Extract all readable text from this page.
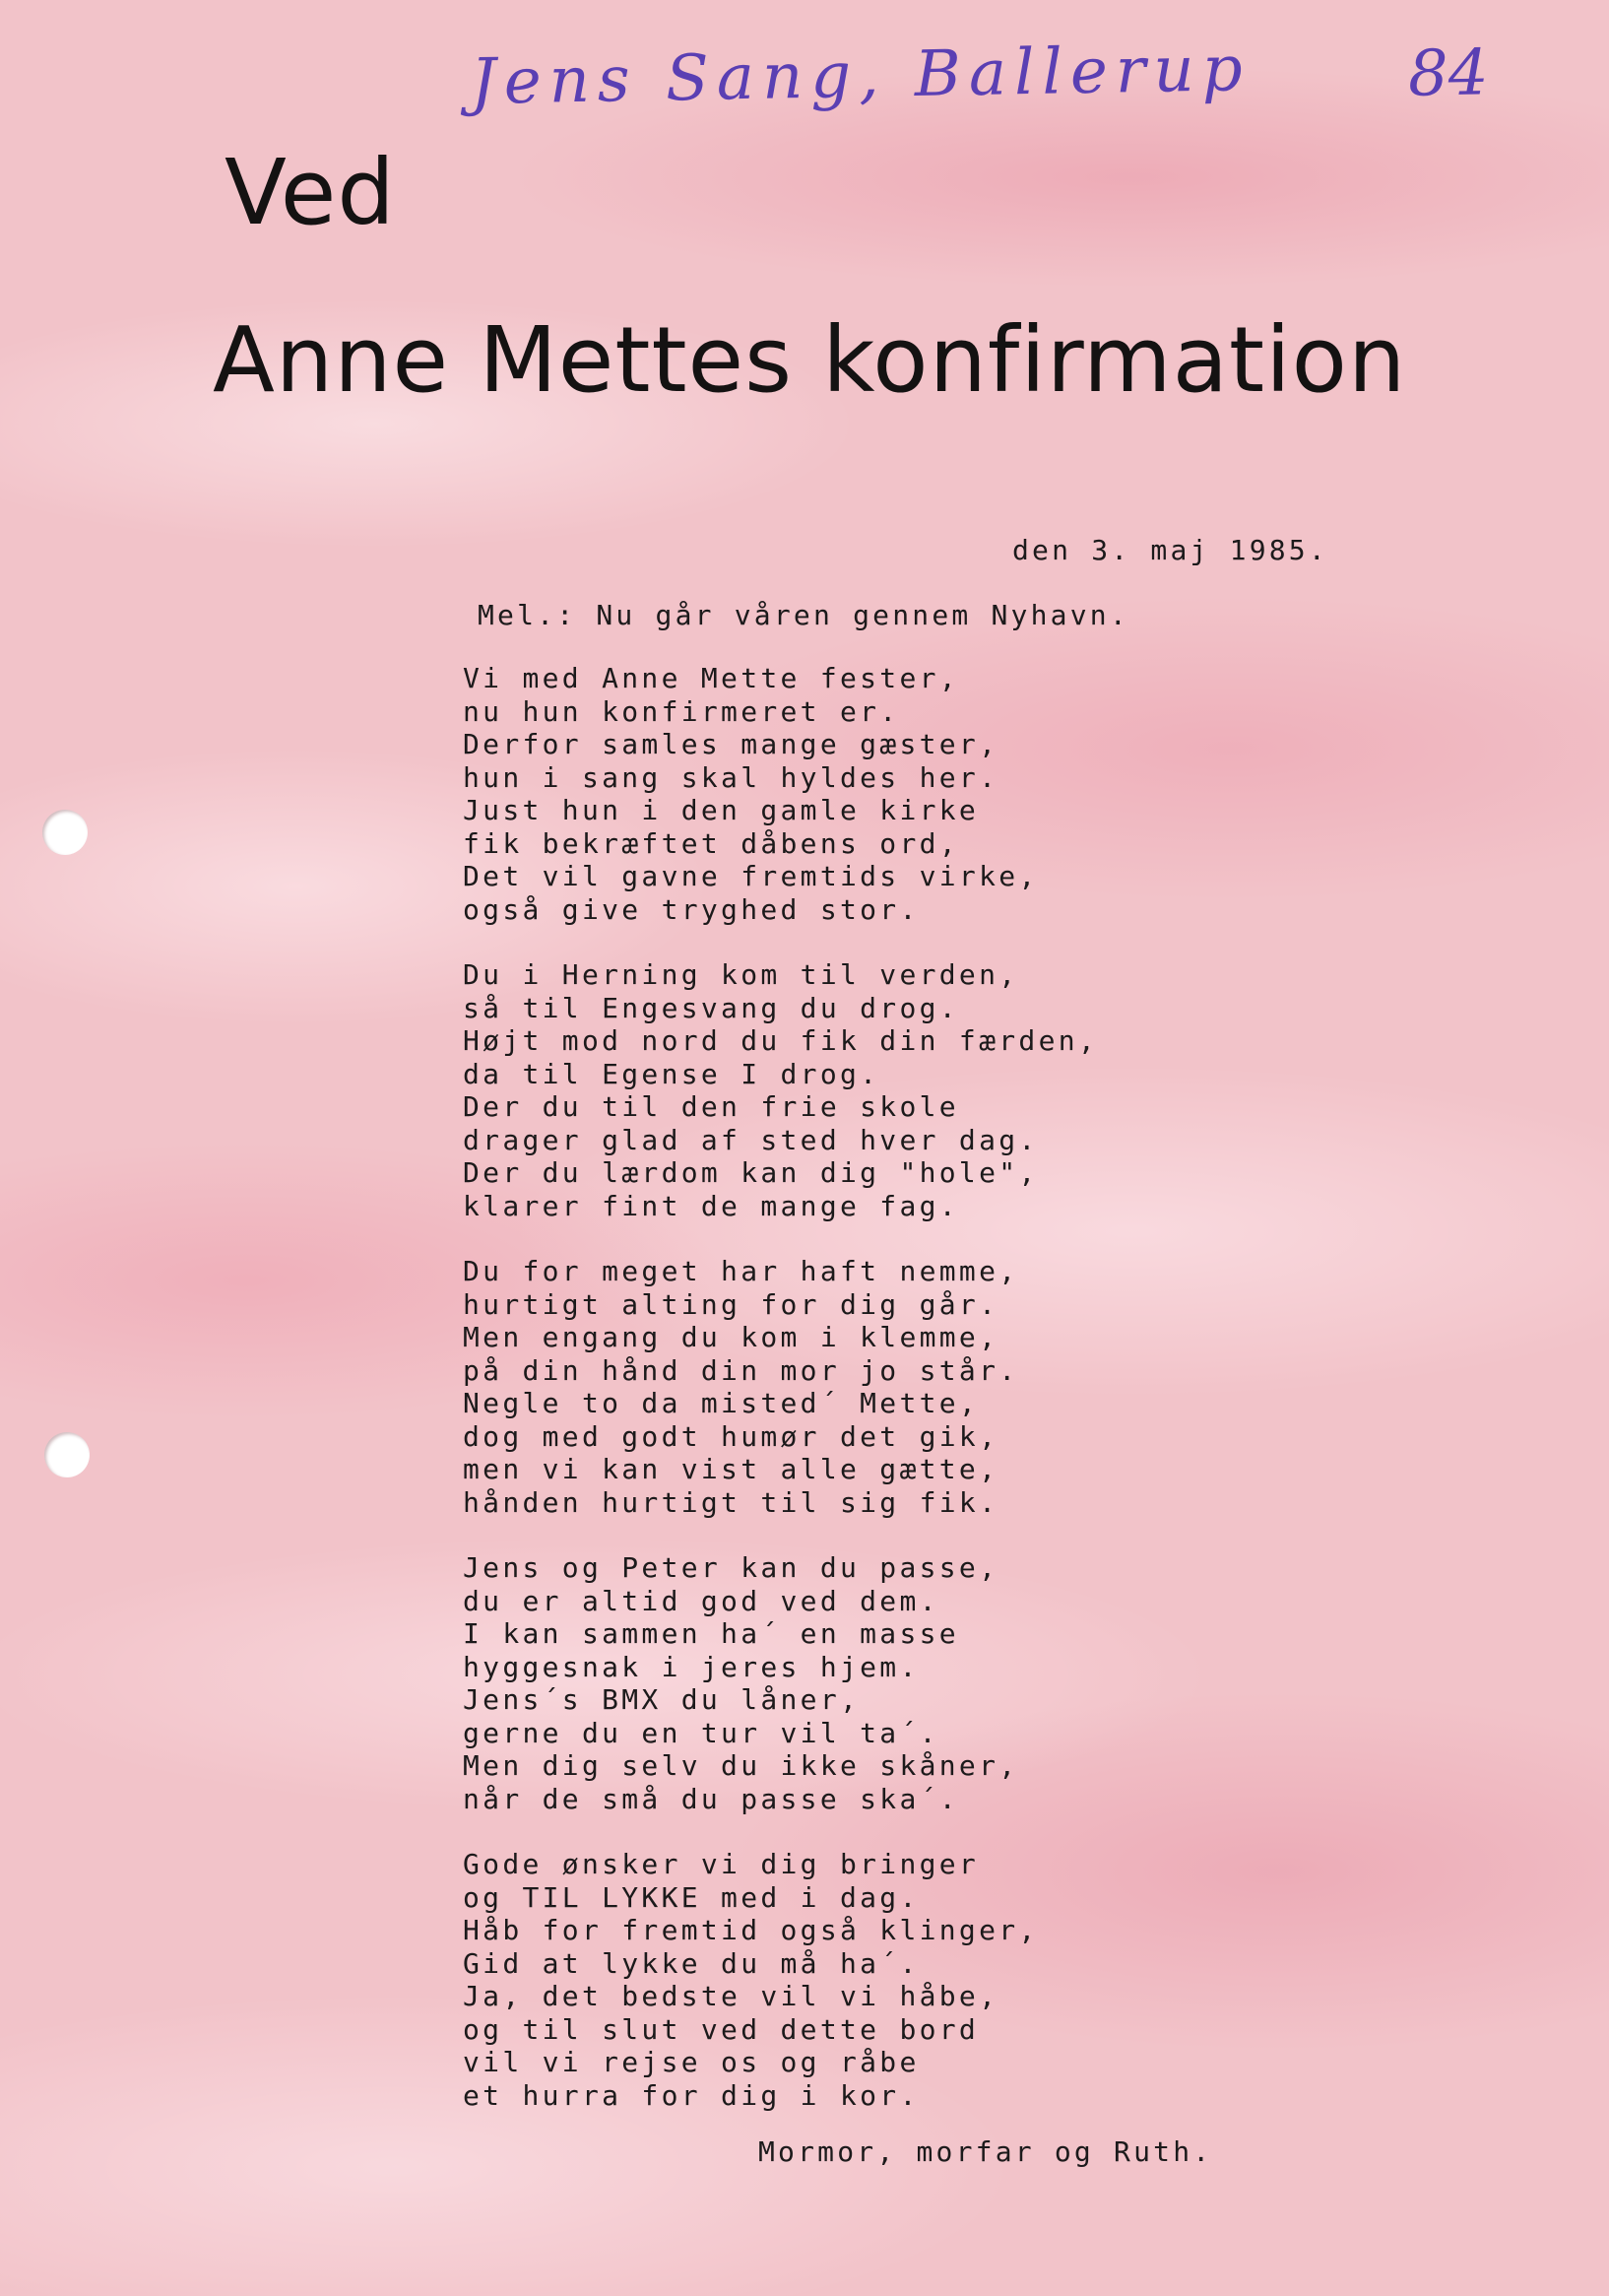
Jens Sang, Ballerup 84
Ved
Anne Mettes konfirmation
den 3. maj 1985.
Mel.: Nu går våren gennem Nyhavn.
Vi med Anne Mette fester,
nu hun konfirmeret er.
Derfor samles mange gæster,
hun i sang skal hyldes her.
Just hun i den gamle kirke
fik bekræftet dåbens ord,
Det vil gavne fremtids virke,
også give tryghed stor.
Du i Herning kom til verden,
så til Engesvang du drog.
Højt mod nord du fik din færden,
da til Egense I drog.
Der du til den frie skole
drager glad af sted hver dag.
Der du lærdom kan dig "hole",
klarer fint de mange fag.
Du for meget har haft nemme,
hurtigt alting for dig går.
Men engang du kom i klemme,
på din hånd din mor jo står.
Negle to da misted´ Mette,
dog med godt humør det gik,
men vi kan vist alle gætte,
hånden hurtigt til sig fik.
Jens og Peter kan du passe,
du er altid god ved dem.
I kan sammen ha´ en masse
hyggesnak i jeres hjem.
Jens´s BMX du låner,
gerne du en tur vil ta´.
Men dig selv du ikke skåner,
når de små du passe ska´.
Gode ønsker vi dig bringer
og TIL LYKKE med i dag.
Håb for fremtid også klinger,
Gid at lykke du må ha´.
Ja, det bedste vil vi håbe,
og til slut ved dette bord
vil vi rejse os og råbe
et hurra for dig i kor.
Mormor, morfar og Ruth.
